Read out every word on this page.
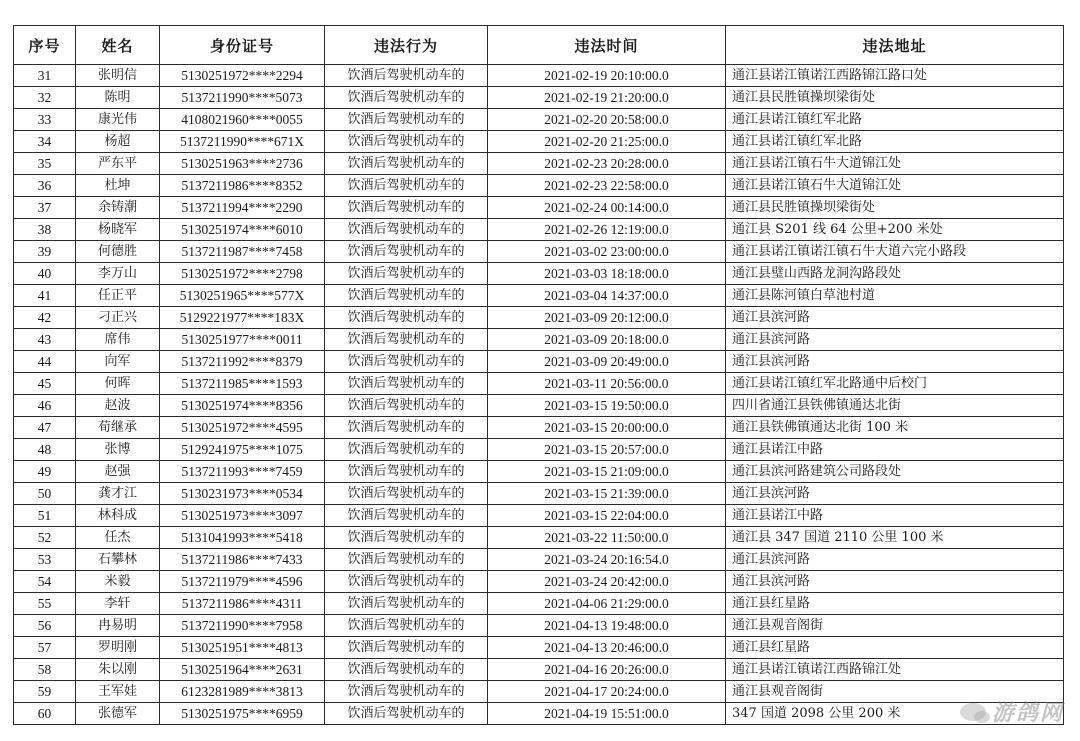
序号	姓名	身份证号	违法行为	违法时间	违法地址
31	张明信	5130251972****2294	饮酒后驾驶机动车的	2021-02-19 20:10:00.0	通江县诺江镇诺江西路锦江路口处
32	陈明	5137211990****5073	饮酒后驾驶机动车的	2021-02-19 21:20:00.0	通江县民胜镇操坝梁街处
33	康光伟	4108021960****0055	饮酒后驾驶机动车的	2021-02-20 20:58:00.0	通江县诺江镇红军北路
34	杨超	5137211990****671X	饮酒后驾驶机动车的	2021-02-20 21:25:00.0	通江县诺江镇红军北路
35	严东平	5130251963****2736	饮酒后驾驶机动车的	2021-02-23 20:28:00.0	通江县诺江镇石牛大道锦江处
36	杜坤	5137211986****8352	饮酒后驾驶机动车的	2021-02-23 22:58:00.0	通江县诺江镇石牛大道锦江处
37	余铸潮	5137211994****2290	饮酒后驾驶机动车的	2021-02-24 00:14:00.0	通江县民胜镇操坝梁街处
38	杨晓军	5130251974****6010	饮酒后驾驶机动车的	2021-02-26 12:19:00.0	通江县 S201 线 64 公里+200 米处
39	何德胜	5137211987****7458	饮酒后驾驶机动车的	2021-03-02 23:00:00.0	通江县诺江镇诺江镇石牛大道六完小路段
40	李万山	5130251972****2798	饮酒后驾驶机动车的	2021-03-03 18:18:00.0	通江县璧山西路龙洞沟路段处
41	任正平	5130251965****577X	饮酒后驾驶机动车的	2021-03-04 14:37:00.0	通江县陈河镇白草池村道
42	刁正兴	5129221977****183X	饮酒后驾驶机动车的	2021-03-09 20:12:00.0	通江县滨河路
43	席伟	5130251977****0011	饮酒后驾驶机动车的	2021-03-09 20:18:00.0	通江县滨河路
44	向军	5137211992****8379	饮酒后驾驶机动车的	2021-03-09 20:49:00.0	通江县滨河路
45	何晖	5137211985****1593	饮酒后驾驶机动车的	2021-03-11 20:56:00.0	通江县诺江镇红军北路通中后校门
46	赵波	5130251974****8356	饮酒后驾驶机动车的	2021-03-15 19:50:00.0	四川省通江县铁佛镇通达北街
47	荀继承	5130251972****4595	饮酒后驾驶机动车的	2021-03-15 20:00:00.0	通江县铁佛镇通达北街 100 米
48	张博	5129241975****1075	饮酒后驾驶机动车的	2021-03-15 20:57:00.0	通江县诺江中路
49	赵强	5137211993****7459	饮酒后驾驶机动车的	2021-03-15 21:09:00.0	通江县滨河路建筑公司路段处
50	龚才江	5130231973****0534	饮酒后驾驶机动车的	2021-03-15 21:39:00.0	通江县滨河路
51	林科成	5130251973****3097	饮酒后驾驶机动车的	2021-03-15 22:04:00.0	通江县诺江中路
52	任杰	5131041993****5418	饮酒后驾驶机动车的	2021-03-22 11:50:00.0	通江县 347 国道 2110 公里 100 米
53	石攀林	5137211986****7433	饮酒后驾驶机动车的	2021-03-24 20:16:54.0	通江县滨河路
54	米毅	5137211979****4596	饮酒后驾驶机动车的	2021-03-24 20:42:00.0	通江县滨河路
55	李轩	5137211986****4311	饮酒后驾驶机动车的	2021-04-06 21:29:00.0	通江县红星路
56	冉易明	5137211990****7958	饮酒后驾驶机动车的	2021-04-13 19:48:00.0	通江县观音阁街
57	罗明刚	5130251951****4813	饮酒后驾驶机动车的	2021-04-13 20:46:00.0	通江县红星路
58	朱以刚	5130251964****2631	饮酒后驾驶机动车的	2021-04-16 20:26:00.0	通江县诺江镇诺江西路锦江处
59	王军娃	6123281989****3813	饮酒后驾驶机动车的	2021-04-17 20:24:00.0	通江县观音阁街
60	张德军	5130251975****6959	饮酒后驾驶机动车的	2021-04-19 15:51:00.0	347 国道 2098 公里 200 米	游鸽网
